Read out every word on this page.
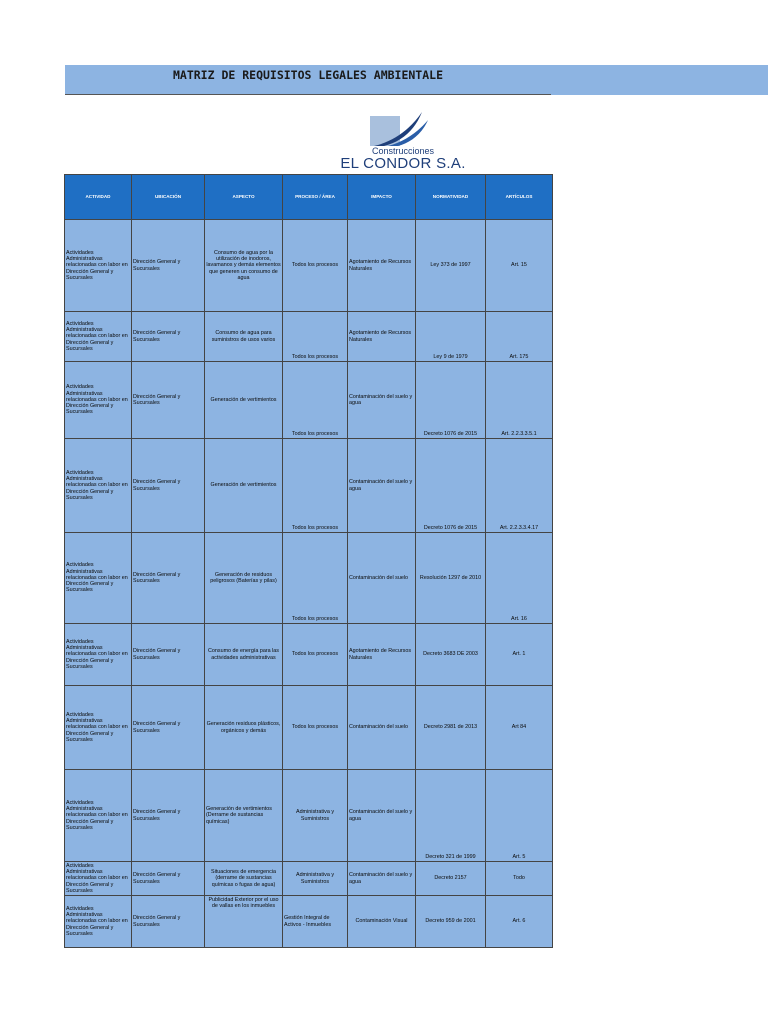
MATRIZ DE REQUISITOS LEGALES AMBIENTALE
Construcciones
EL CONDOR S.A.
ACTIVIDAD	UBICACIÓN	ASPECTO	PROCESO / ÁREA	IMPACTO	NORMATIVIDAD	ARTÍCULOS
Actividades Administrativas relacionadas con labor en Dirección General y Sucursales	Dirección General y Sucursales	Consumo de agua por la utilización de inodoros, lavamanos y demás elementos que generen un consumo de agua	Todos los procesos	Agotamiento de Recursos Naturales	Ley 373 de 1997	Art. 15
Actividades Administrativas relacionadas con labor en Dirección General y Sucursales	Dirección General y Sucursales	Consumo de agua para suministros de usos varios	Todos los procesos	Agotamiento de Recursos Naturales	Ley 9 de 1979	Art. 175
Actividades Administrativas relacionadas con labor en Dirección General y Sucursales	Dirección General y Sucursales	Generación de vertimientos	Todos los procesos	Contaminación del suelo y agua	Decreto 1076 de 2015	Art. 2.2.3.3.5.1
Actividades Administrativas relacionadas con labor en Dirección General y Sucursales	Dirección General y Sucursales	Generación de vertimientos	Todos los procesos	Contaminación del suelo y agua	Decreto 1076 de 2015	Art. 2.2.3.3.4.17
Actividades Administrativas relacionadas con labor en Dirección General y Sucursales	Dirección General y Sucursales	Generación de residuos peligrosos (Baterías y pilas)	Todos los procesos	Contaminación del suelo	Resolución 1297 de 2010	Art. 16
Actividades Administrativas relacionadas con labor en Dirección General y Sucursales	Dirección General y Sucursales	Consumo de energía para las actividades administrativas	Todos los procesos	Agotamiento de Recursos Naturales	Decreto 3683 DE 2003	Art. 1
Actividades Administrativas relacionadas con labor en Dirección General y Sucursales	Dirección General y Sucursales	Generación residuos plásticos, orgánicos y demás	Todos los procesos	Contaminación del suelo	Decreto 2981 de 2013	Art 84
Actividades Administrativas relacionadas con labor en Dirección General y Sucursales	Dirección General y Sucursales	Generación de vertimientos (Derrame de sustancias químicas)	Administrativa y Suministros	Contaminación del suelo y agua	Decreto 321 de 1999	Art. 5
Actividades Administrativas relacionadas con labor en Dirección General y Sucursales	Dirección General y Sucursales	Situaciones de emergencia (derrame de sustancias químicas o fugas de agua)	Administrativa y Suministros	Contaminación del suelo y agua	Decreto 2157	Todo
Actividades Administrativas relacionadas con labor en Dirección General y Sucursales	Dirección General y Sucursales	Publicidad Exterior por el uso de vallas en los inmuebles	Gestión Integral de Activos - Inmuebles	Contaminación Visual	Decreto 959 de 2001	Art. 6
